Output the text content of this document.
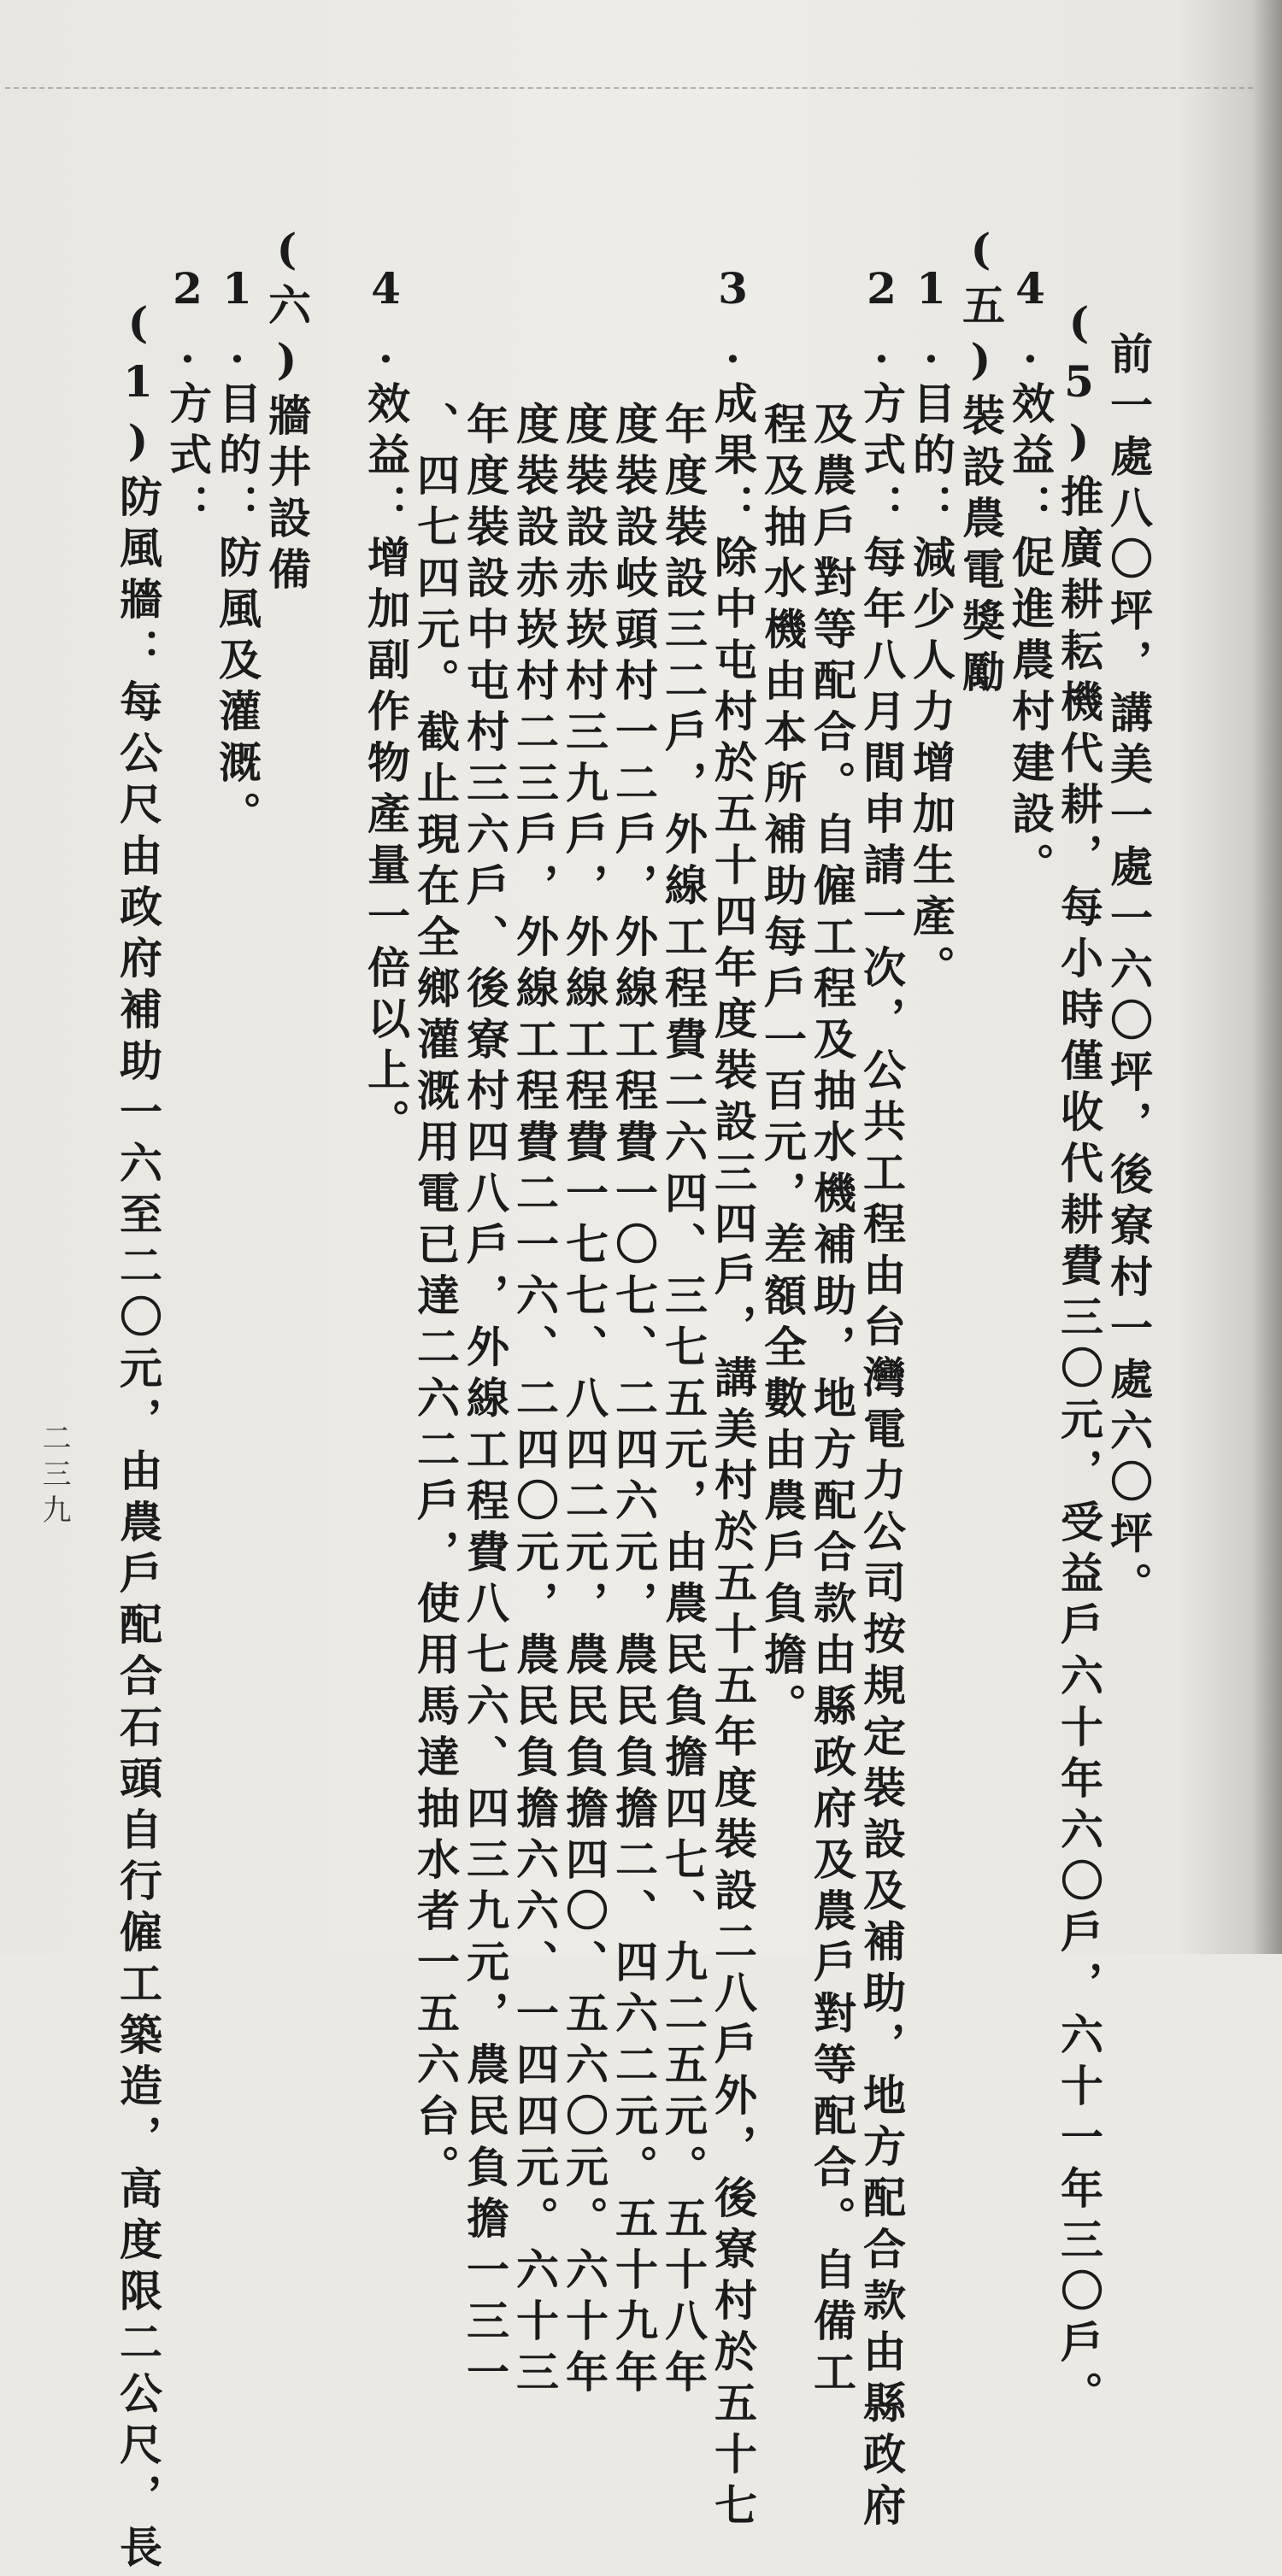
前一處八〇坪，講美一處一六〇坪，後寮村一處六〇坪。
(5)推廣耕耘機代耕，每小時僅收代耕費三〇元，受益戶六十年六〇戶，六十一年三〇戶。
4.效益：促進農村建設。
(五)裝設農電獎勵
1.目的：減少人力增加生產。
2.方式：每年八月間申請一次，公共工程由台灣電力公司按規定裝設及補助，地方配合款由縣政府
及農戶對等配合。自僱工程及抽水機補助，地方配合款由縣政府及農戶對等配合。自備工
程及抽水機由本所補助每戶一百元，差額全數由農戶負擔。
3.成果：除中屯村於五十四年度裝設三四戶，講美村於五十五年度裝設二八戶外，後寮村於五十七
年度裝設三二戶，外線工程費二六四、三七五元，由農民負擔四七、九二五元。五十八年
度裝設岐頭村一二戶，外線工程費一〇七、二四六元，農民負擔二、四六二元。五十九年
度裝設赤崁村三九戶，外線工程費一七七、八四二元，農民負擔四〇、五六〇元。六十年
度裝設赤崁村二三戶，外線工程費二一六、二四〇元，農民負擔六六、一四四元。六十三
年度裝設中屯村三六戶、後寮村四八戶，外線工程費八七六、四三九元，農民負擔一三一
、四七四元。截止現在全鄉灌溉用電已達二六二戶，使用馬達抽水者一五六台。
4.效益：增加副作物產量一倍以上。
(六)牆井設備
1.目的：防風及灌溉。
2.方式：
(1)防風牆：每公尺由政府補助一六至二〇元，由農戶配合石頭自行僱工築造，高度限二公尺，長
二三九
